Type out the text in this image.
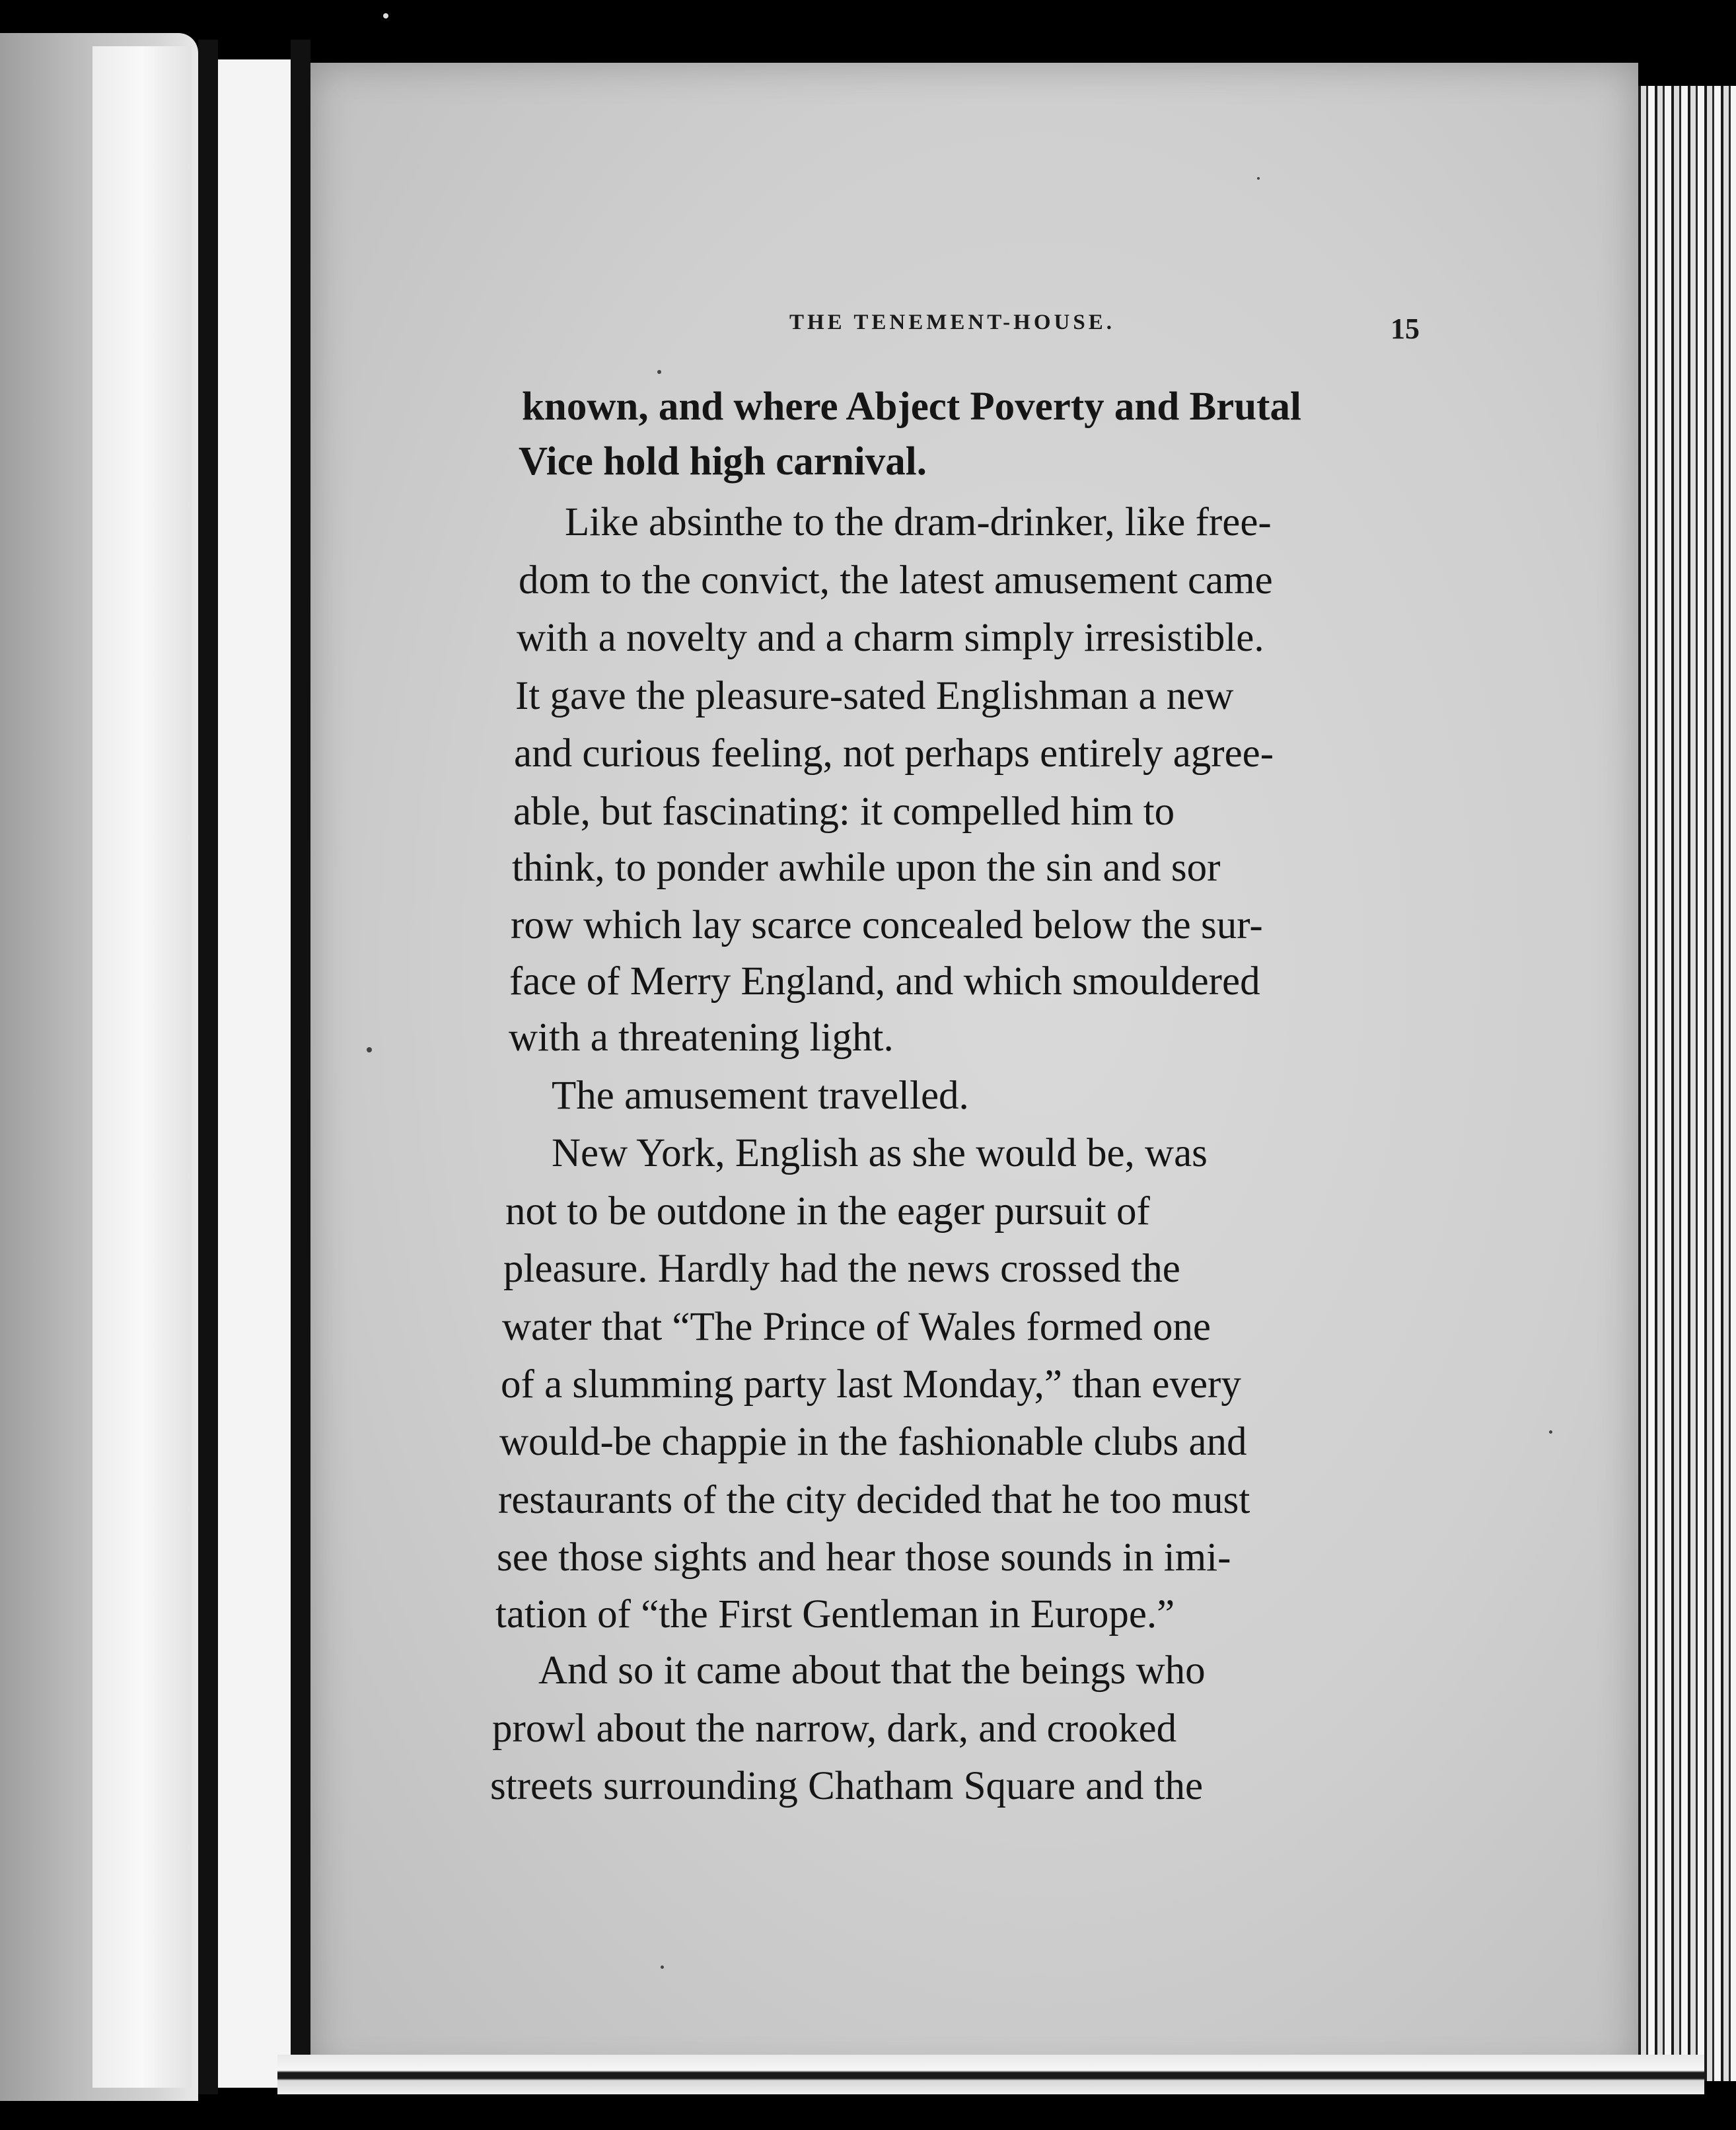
THE TENEMENT-HOUSE.	15
known, and where Abject Poverty and Brutal
Vice hold high carnival.
Like absinthe to the dram-drinker, like free-
dom to the convict, the latest amusement came
with a novelty and a charm simply irresistible.
It gave the pleasure-sated Englishman a new
and curious feeling, not perhaps entirely agree-
able, but fascinating: it compelled him to
think, to ponder awhile upon the sin and sor
row which lay scarce concealed below the sur-
face of Merry England, and which smouldered
with a threatening light.
The amusement travelled.
New York, English as she would be, was
not to be outdone in the eager pursuit of
pleasure. Hardly had the news crossed the
water that “The Prince of Wales formed one
of a slumming party last Monday,” than every
would-be chappie in the fashionable clubs and
restaurants of the city decided that he too must
see those sights and hear those sounds in imi-
tation of “the First Gentleman in Europe.”
And so it came about that the beings who
prowl about the narrow, dark, and crooked
streets surrounding Chatham Square and the
